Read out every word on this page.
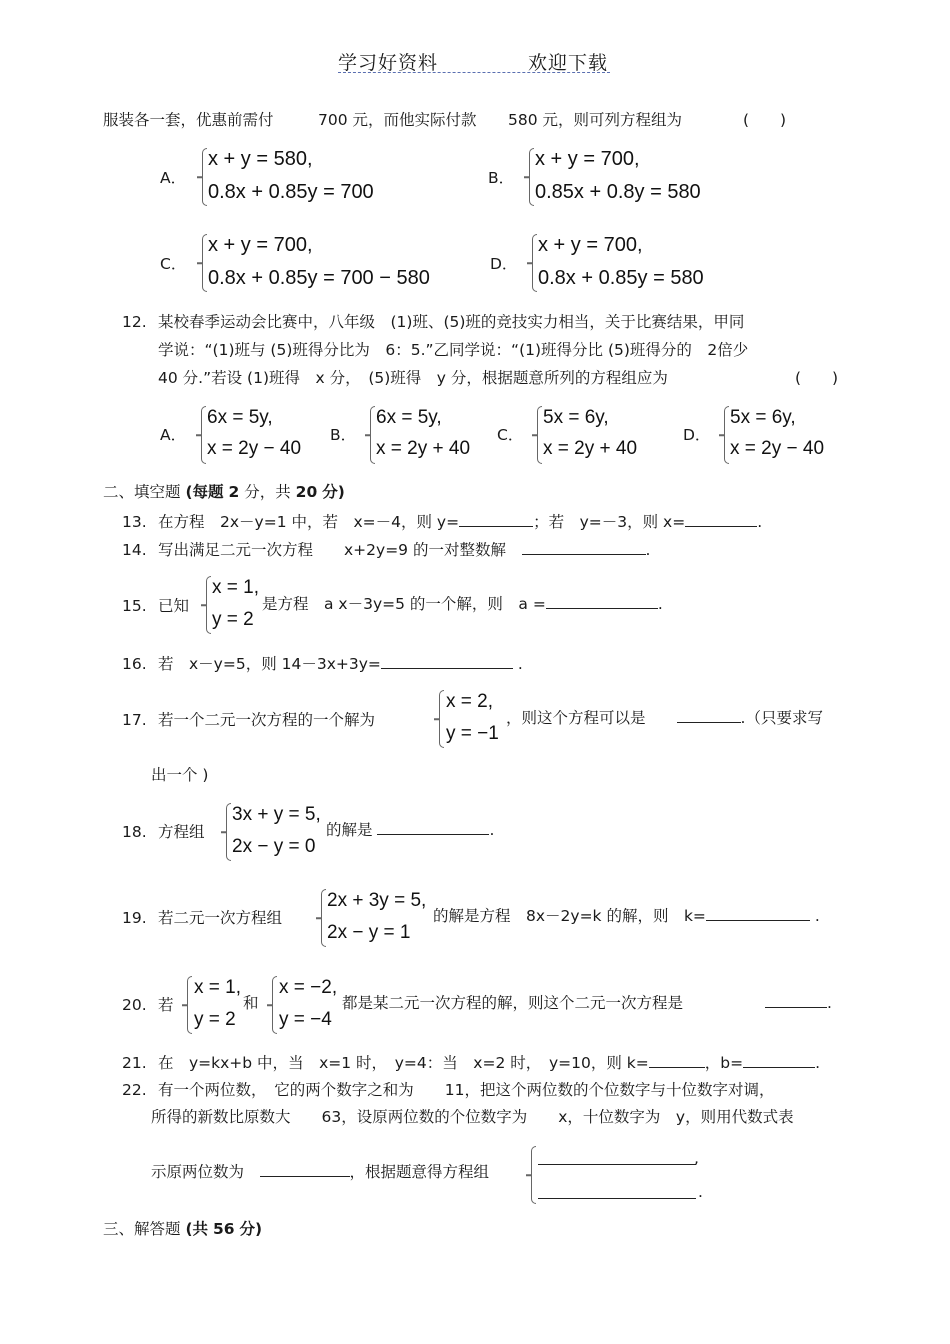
学习好资料	欢迎下载
服装各一套，优惠前需付	700 元，而他实际付款 580 元，则可列方程组为	(　　)
A．
x + y = 580,
0.8x + 0.85y = 700
B．
x + y = 700,
0.85x + 0.8y = 580
C．
x + y = 700,
0.8x + 0.85y = 700 − 580
D．
x + y = 700,
0.8x + 0.85y = 580
12. 某校春季运动会比赛中，八年级　(1)班、(5)班的竞技实力相当，关于比赛结果，甲同
学说：“(1)班与 (5)班得分比为　6：5.”乙同学说：“(1)班得分比 (5)班得分的　2倍少
40 分.”若设 (1)班得　x 分，　(5)班得　y 分，根据题意所列的方程组应为	(　　)
A．
6x = 5y,
x = 2y − 40
B．
6x = 5y,
x = 2y + 40
C．
5x = 6y,
x = 2y + 40
D．
5x = 6y,
x = 2y − 40
二、填空题 (每题 2 分，共 20 分)
13. 在方程　2x－y=1 中，若　x=－4，则 y=	；若　y=－3，则 x=	.
14. 写出满足二元一次方程　　x+2y=9 的一对整数解　	.
15. 已知
x = 1,
y = 2
是方程　a x－3y=5 的一个解，则　a =	.
16. 若　x－y=5，则 14－3x+3y=	.
17. 若一个二元一次方程的一个解为
x = 2,
y = −1
，则这个方程可以是　　	.（只要求写
出一个 )
18. 方程组
3x + y = 5,
2x − y = 0
的解是	.
19. 若二元一次方程组
2x + 3y = 5,
2x − y = 1
的解是方程　8x－2y=k 的解，则　k=	.
20. 若
x = 1,
y = 2
和
x = −2,
y = −4
都是某二元一次方程的解，则这个二元一次方程是	.
21. 在　y=kx+b 中，当　x=1 时，　y=4：当　x=2 时，　y=10，则 k=	，b=	.
22. 有一个两位数，　它的两个数字之和为　　11，把这个两位数的个位数字与十位数字对调，
所得的新数比原数大　　63，设原两位数的个位数字为　　x，十位数字为　y，则用代数式表
示原两位数为　	，根据题意得方程组
,
.
三、解答题 (共 56 分)
